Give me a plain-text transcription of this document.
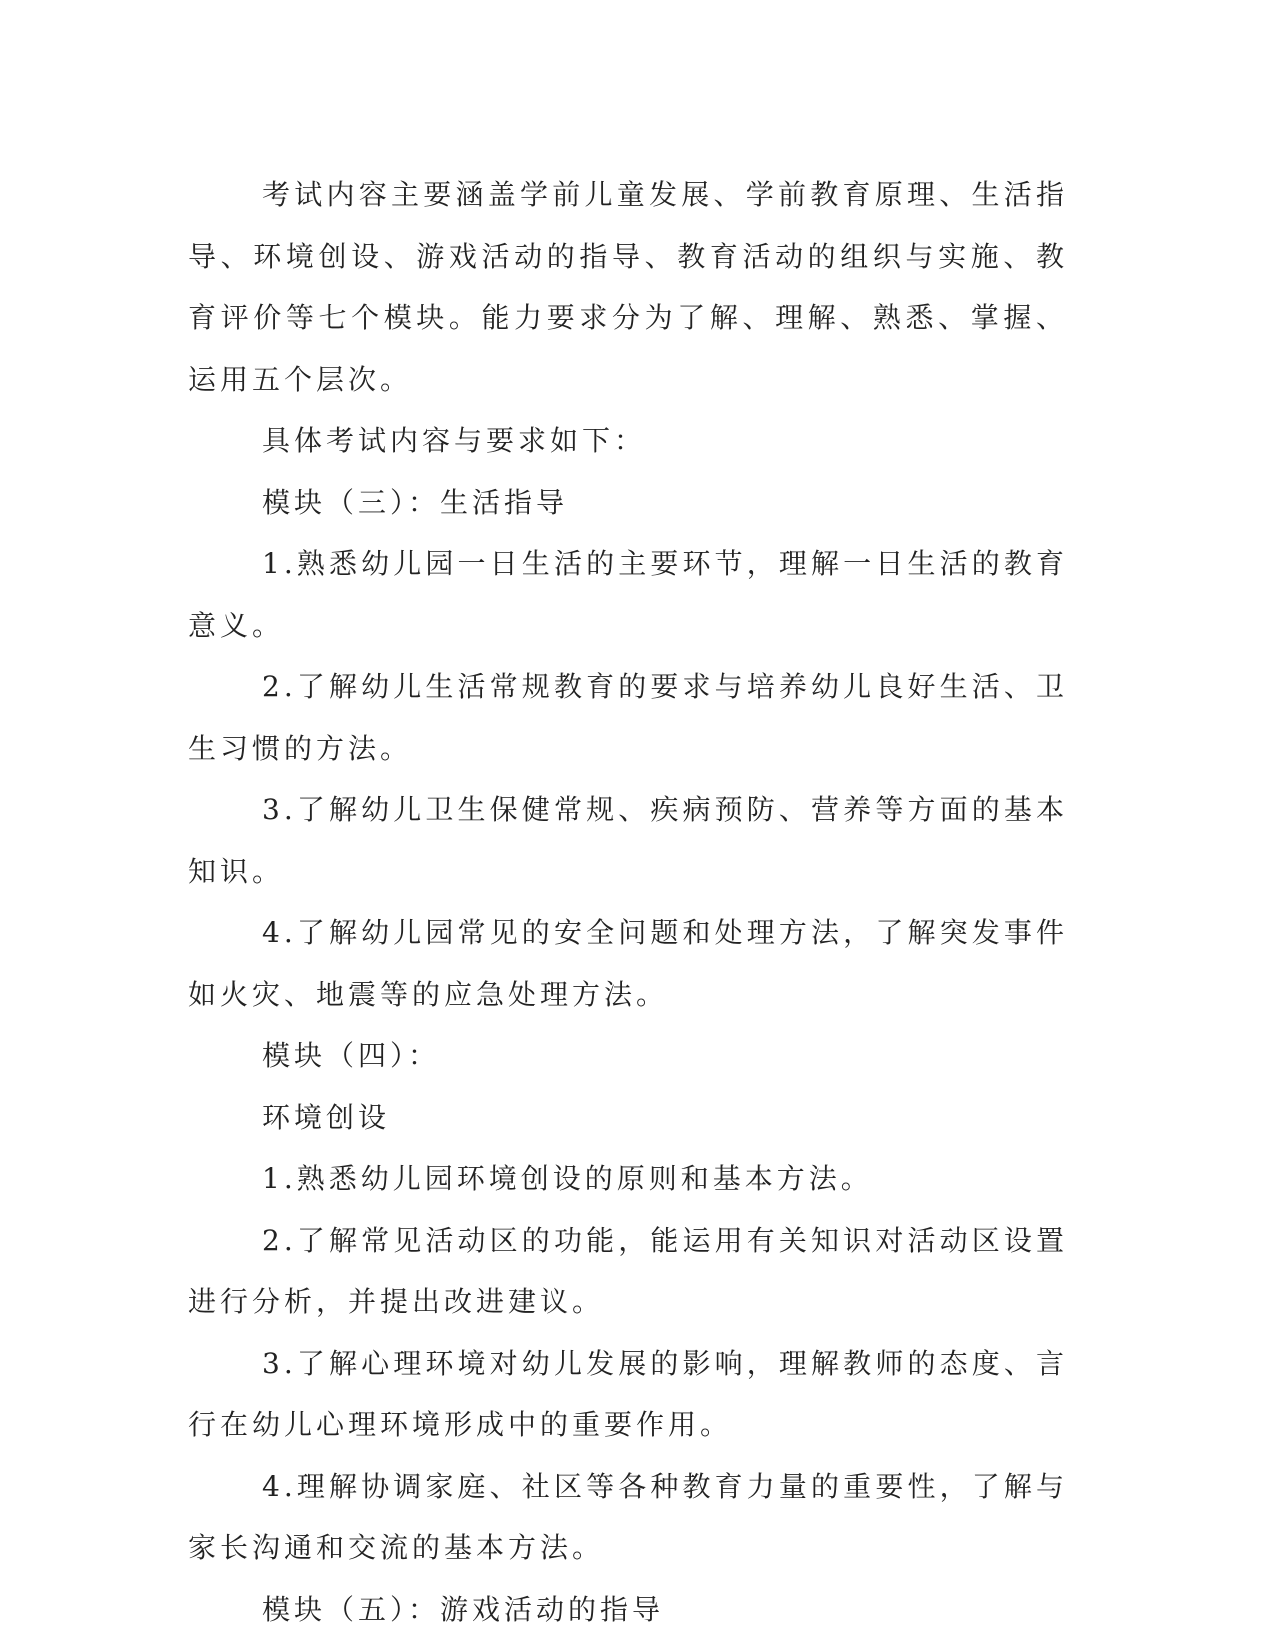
考试内容主要涵盖学前儿童发展、学前教育原理、生活指导、环境创设、游戏活动的指导、教育活动的组织与实施、教育评价等七个模块。能力要求分为了解、理解、熟悉、掌握、运用五个层次。

具体考试内容与要求如下：

模块（三）：生活指导

1.熟悉幼儿园一日生活的主要环节，理解一日生活的教育意义。

2.了解幼儿生活常规教育的要求与培养幼儿良好生活、卫生习惯的方法。

3.了解幼儿卫生保健常规、疾病预防、营养等方面的基本知识。

4.了解幼儿园常见的安全问题和处理方法，了解突发事件如火灾、地震等的应急处理方法。

模块（四）：

环境创设

1.熟悉幼儿园环境创设的原则和基本方法。

2.了解常见活动区的功能，能运用有关知识对活动区设置进行分析，并提出改进建议。

3.了解心理环境对幼儿发展的影响，理解教师的态度、言行在幼儿心理环境形成中的重要作用。

4.理解协调家庭、社区等各种教育力量的重要性，了解与家长沟通和交流的基本方法。

模块（五）：游戏活动的指导
